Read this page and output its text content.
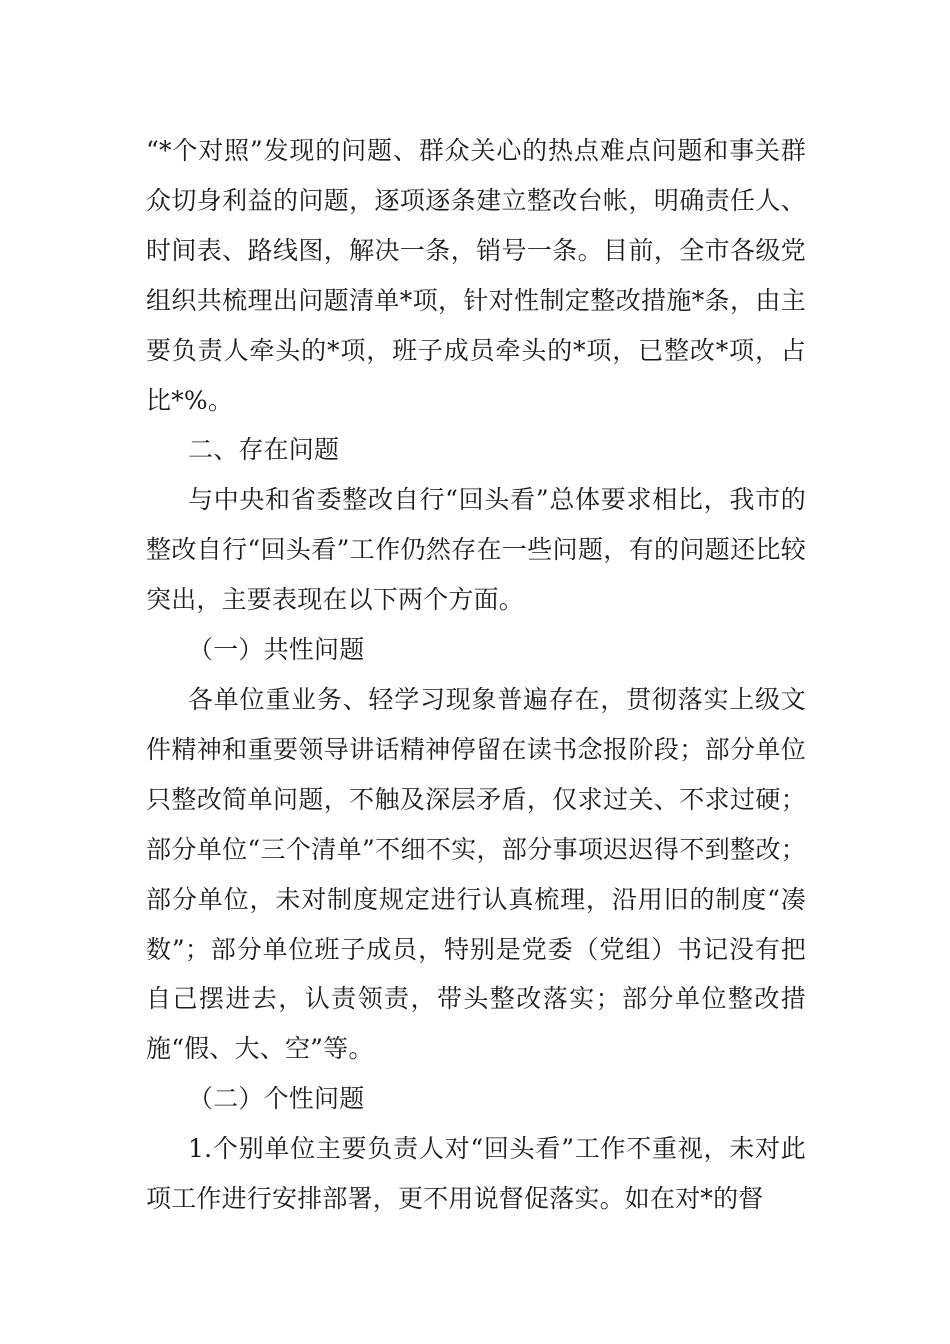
“*个对照”发现的问题、群众关心的热点难点问题和事关群众切身利益的问题，逐项逐条建立整改台帐，明确责任人、时间表、路线图，解决一条，销号一条。目前，全市各级党组织共梳理出问题清单*项，针对性制定整改措施*条，由主要负责人牵头的*项，班子成员牵头的*项，已整改*项，占比*%。

二、存在问题

与中央和省委整改自行“回头看”总体要求相比，我市的整改自行“回头看”工作仍然存在一些问题，有的问题还比较突出，主要表现在以下两个方面。

（一）共性问题

各单位重业务、轻学习现象普遍存在，贯彻落实上级文件精神和重要领导讲话精神停留在读书念报阶段；部分单位只整改简单问题，不触及深层矛盾，仅求过关、不求过硬；部分单位“三个清单”不细不实，部分事项迟迟得不到整改；部分单位，未对制度规定进行认真梳理，沿用旧的制度“凑数”；部分单位班子成员，特别是党委（党组）书记没有把自己摆进去，认责领责，带头整改落实；部分单位整改措施“假、大、空”等。

（二）个性问题

1.个别单位主要负责人对“回头看”工作不重视，未对此项工作进行安排部署，更不用说督促落实。如在对*的督
